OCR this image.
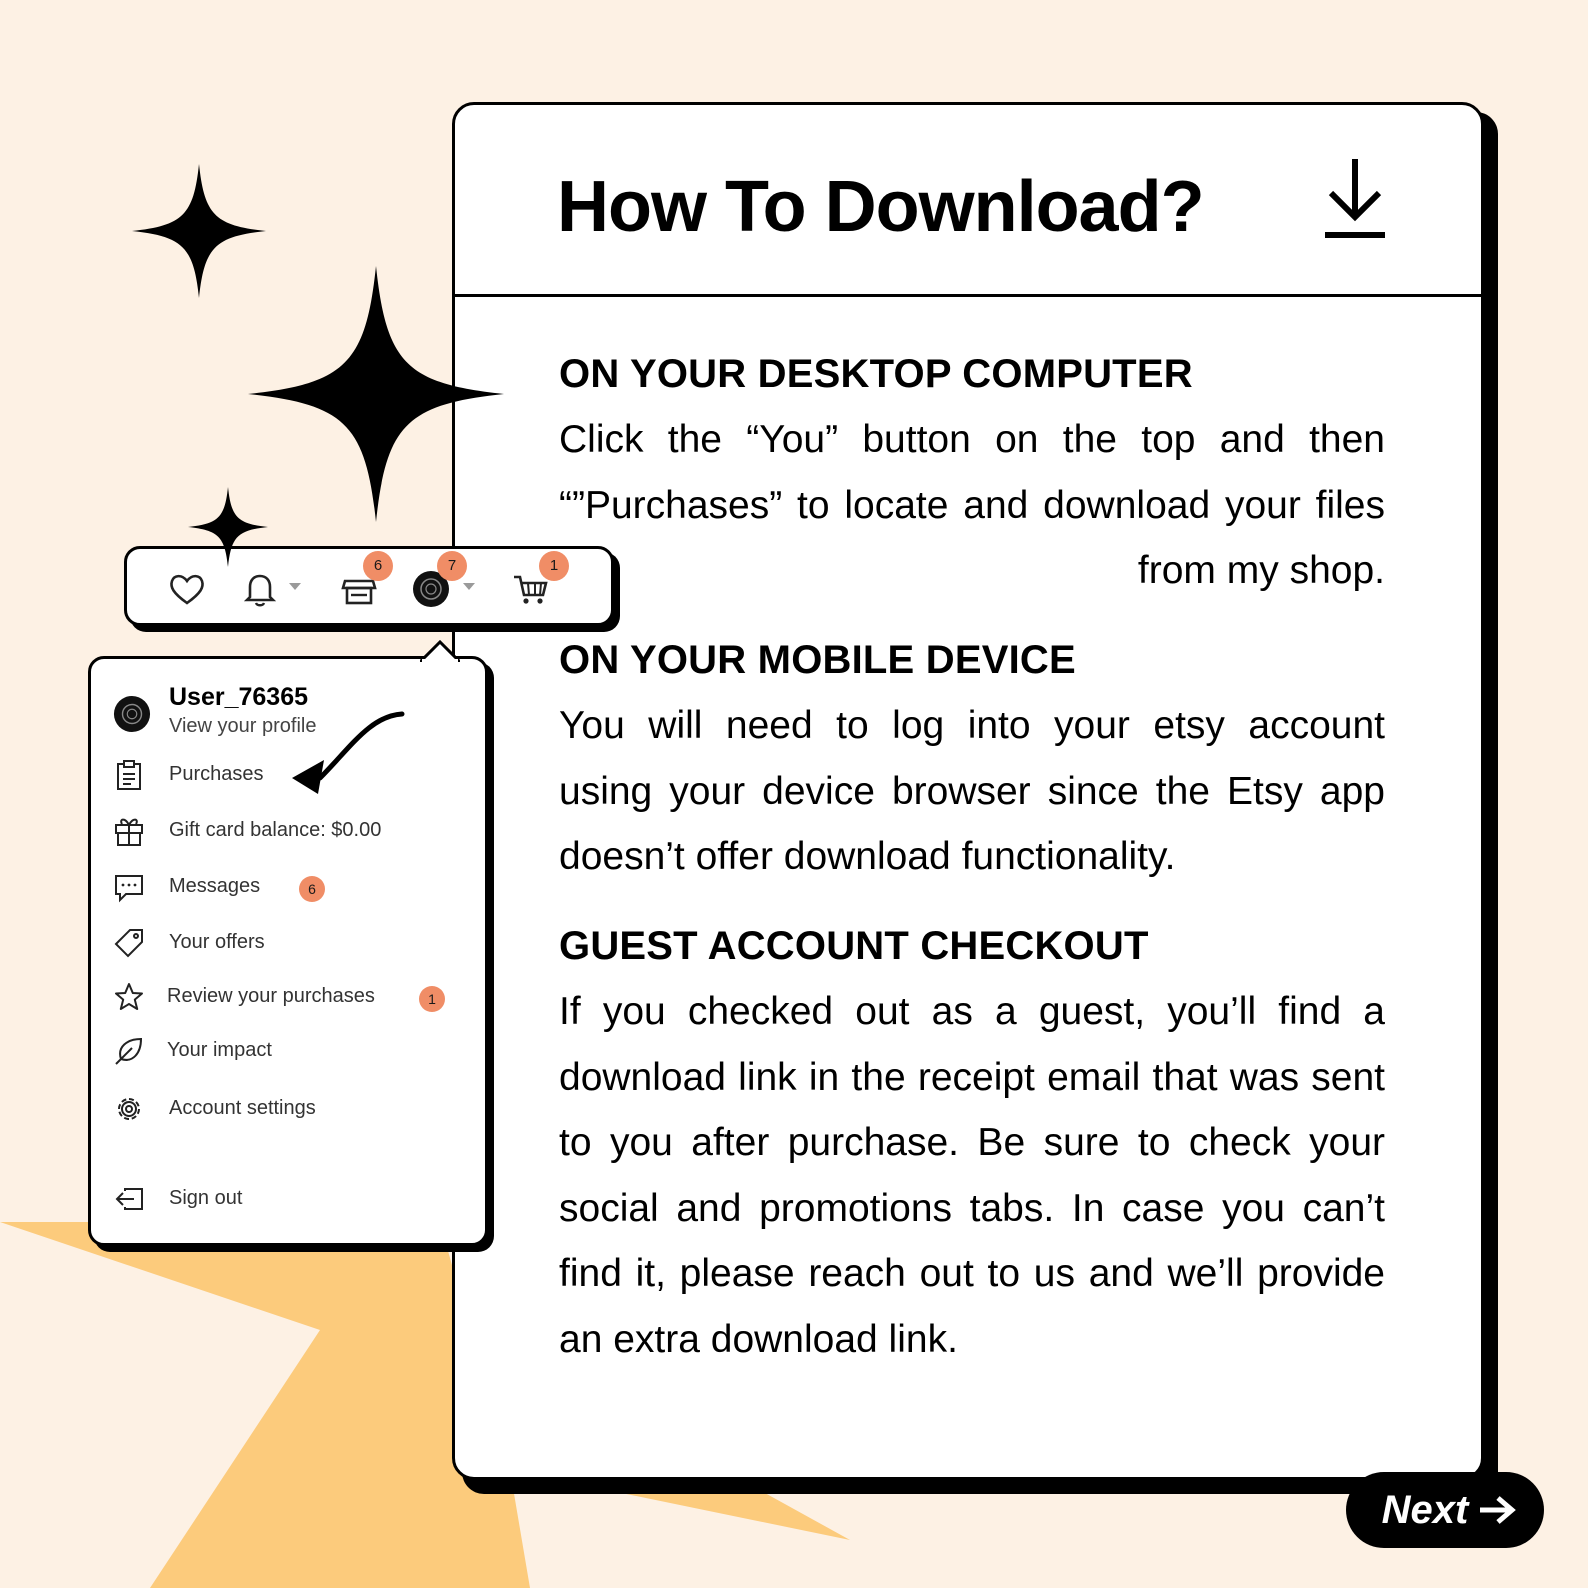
How To Download?
ON YOUR DESKTOP COMPUTER

Click the “You” button on the top and then “”Purchases” to locate and download your files from my shop.

ON YOUR MOBILE DEVICE

You will need to log into your etsy account using your device browser since the Etsy app doesn’t offer download functionality.

GUEST ACCOUNT CHECKOUT

If you checked out as a guest, you’ll find a download link in the receipt email that was sent to you after purchase. Be sure to check your social and promotions tabs. In case you can’t find it, please reach out to us and we’ll provide an extra download link.

6	7	1
User_76365
View your profile
Purchases
Gift card balance: $0.00
Messages	6
Your offers
Review your purchases	1
Your impact
Account settings
Sign out
Next
